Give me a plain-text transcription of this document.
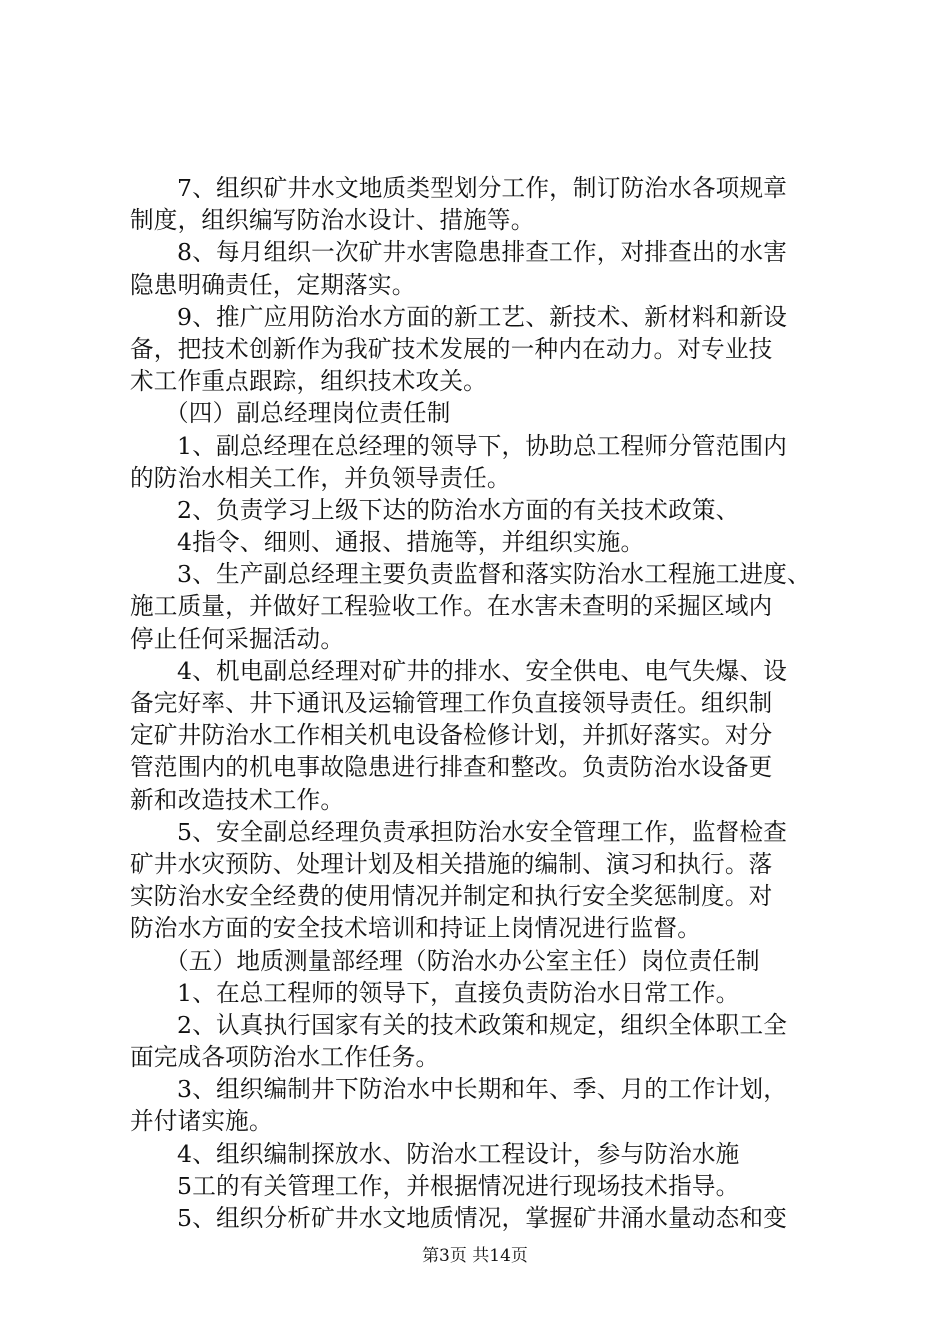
7、组织矿井水文地质类型划分工作，制订防治水各项规章
制度，组织编写防治水设计、措施等。
8、每月组织一次矿井水害隐患排查工作，对排查出的水害
隐患明确责任，定期落实。
9、推广应用防治水方面的新工艺、新技术、新材料和新设
备，把技术创新作为我矿技术发展的一种内在动力。对专业技
术工作重点跟踪，组织技术攻关。
（四）副总经理岗位责任制
1、副总经理在总经理的领导下，协助总工程师分管范围内
的防治水相关工作，并负领导责任。
2、负责学习上级下达的防治水方面的有关技术政策、
4指令、细则、通报、措施等，并组织实施。
3、生产副总经理主要负责监督和落实防治水工程施工进度、
施工质量，并做好工程验收工作。在水害未查明的采掘区域内
停止任何采掘活动。
4、机电副总经理对矿井的排水、安全供电、电气失爆、设
备完好率、井下通讯及运输管理工作负直接领导责任。组织制
定矿井防治水工作相关机电设备检修计划，并抓好落实。对分
管范围内的机电事故隐患进行排查和整改。负责防治水设备更
新和改造技术工作。
5、安全副总经理负责承担防治水安全管理工作，监督检查
矿井水灾预防、处理计划及相关措施的编制、演习和执行。落
实防治水安全经费的使用情况并制定和执行安全奖惩制度。对
防治水方面的安全技术培训和持证上岗情况进行监督。
（五）地质测量部经理（防治水办公室主任）岗位责任制
1、在总工程师的领导下，直接负责防治水日常工作。
2、认真执行国家有关的技术政策和规定，组织全体职工全
面完成各项防治水工作任务。
3、组织编制井下防治水中长期和年、季、月的工作计划，
并付诸实施。
4、组织编制探放水、防治水工程设计，参与防治水施
5工的有关管理工作，并根据情况进行现场技术指导。
5、组织分析矿井水文地质情况，掌握矿井涌水量动态和变
第3页 共14页
